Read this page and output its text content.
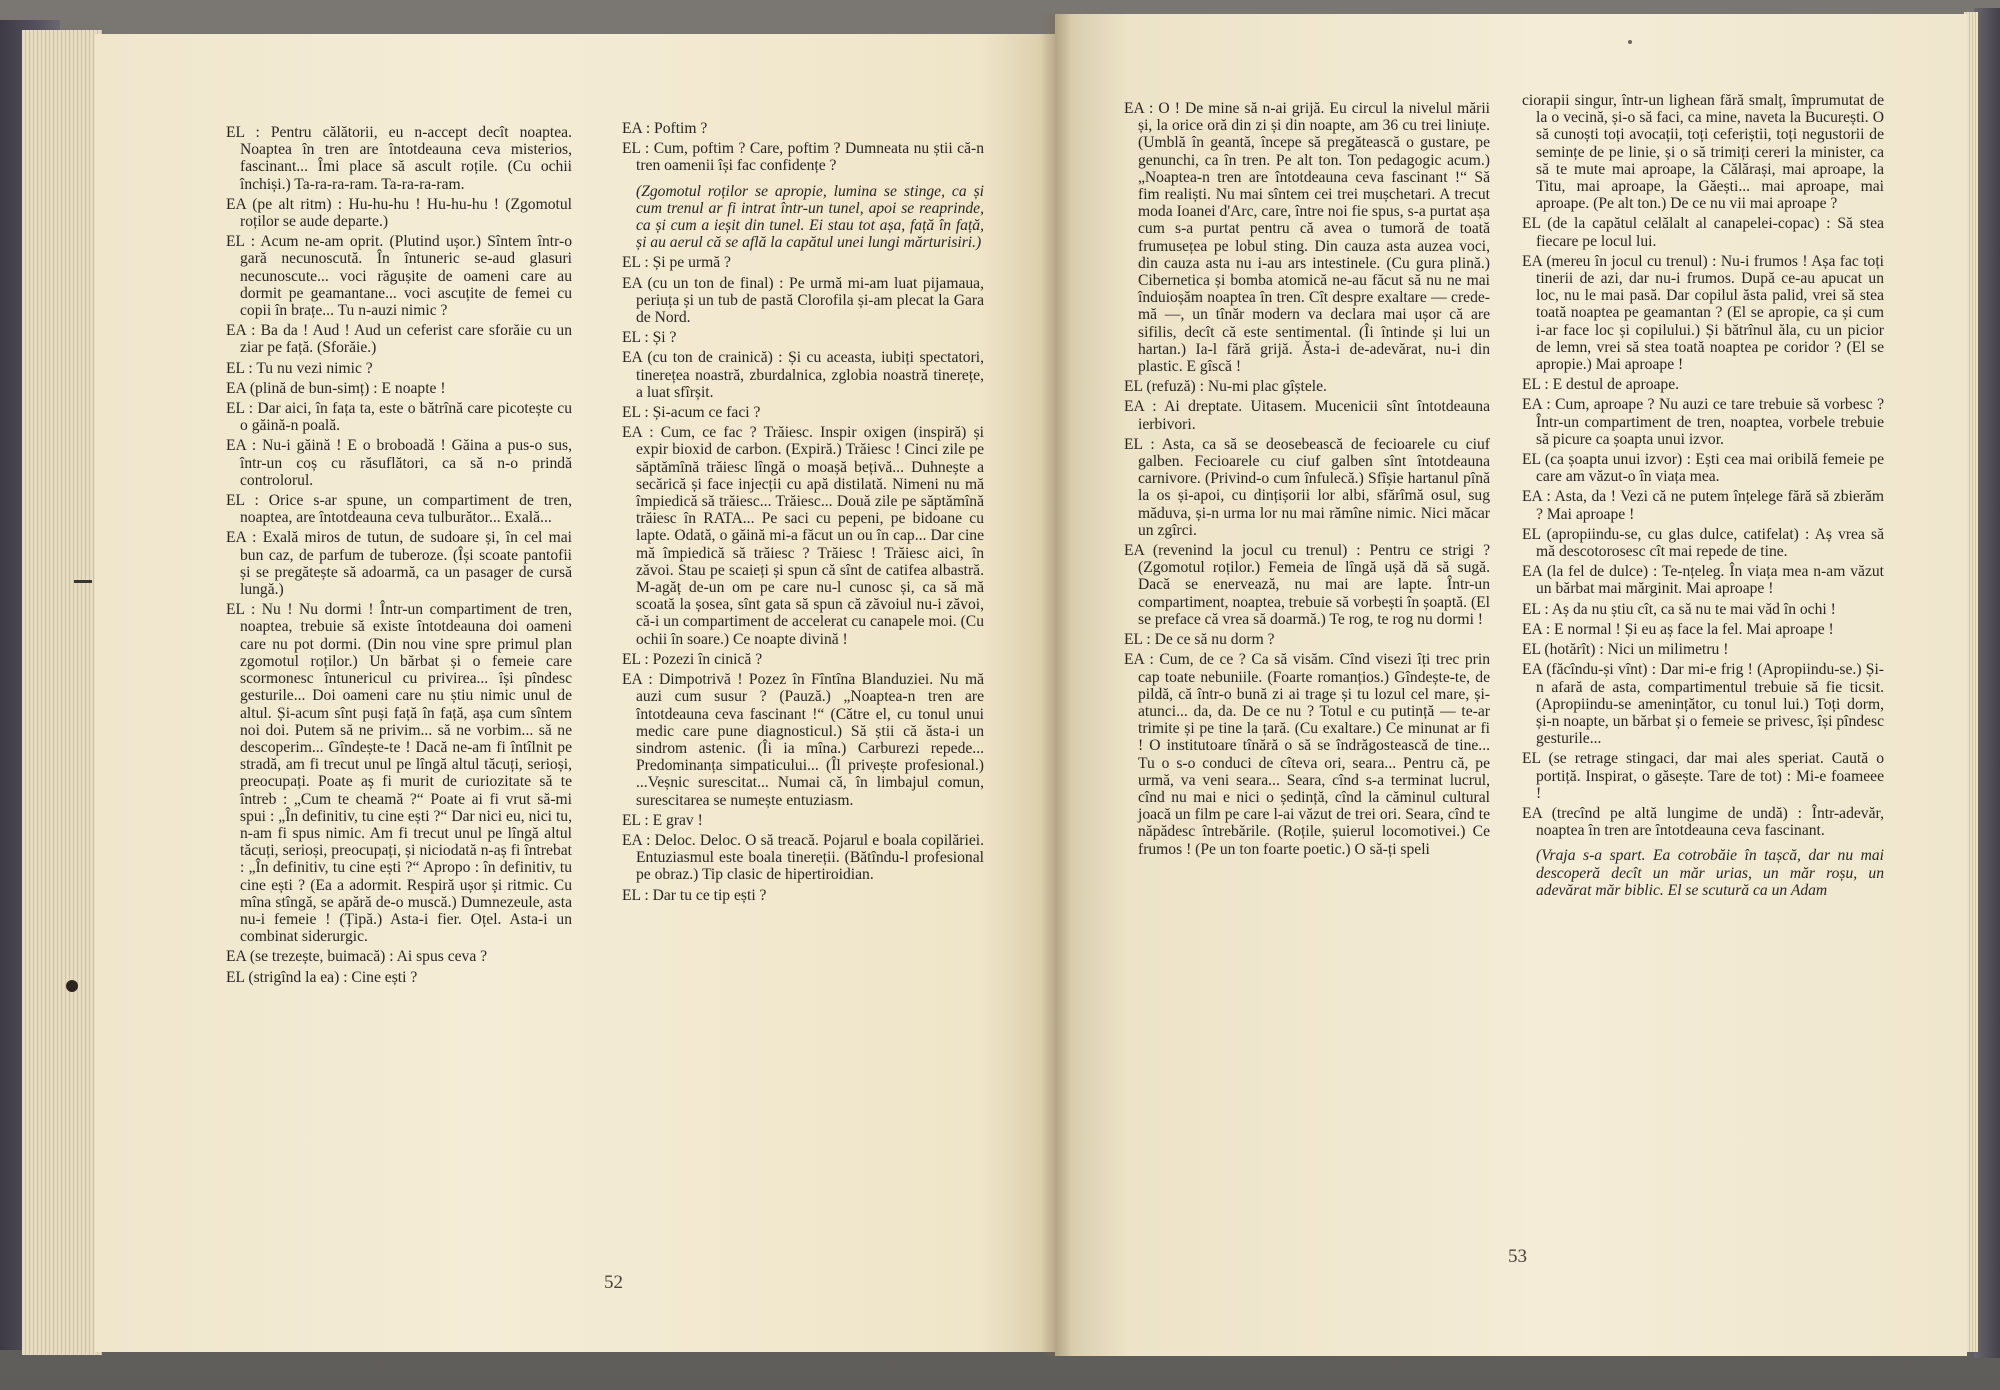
EL : Pentru călătorii, eu n-accept decît noaptea. Noaptea în tren are întotdeauna ceva misterios, fascinant... Îmi place să ascult roțile. (Cu ochii închiși.) Ta-ra-ra-ram. Ta-ra-ra-ram.

EA (pe alt ritm) : Hu-hu-hu ! Hu-hu-hu ! (Zgomotul roților se aude departe.)

EL : Acum ne-am oprit. (Plutind ușor.) Sîntem într-o gară necunoscută. În întuneric se-aud glasuri necunoscute... voci răgușite de oameni care au dormit pe geamantane... voci ascuțite de femei cu copii în brațe... Tu n-auzi nimic ?

EA : Ba da ! Aud ! Aud un ceferist care sforăie cu un ziar pe față. (Sforăie.)

EL : Tu nu vezi nimic ?

EA (plină de bun-simț) : E noapte !

EL : Dar aici, în fața ta, este o bătrînă care picotește cu o găină-n poală.

EA : Nu-i găină ! E o broboadă ! Găina a pus-o sus, într-un coș cu răsuflători, ca să n-o prindă controlorul.

EL : Orice s-ar spune, un compartiment de tren, noaptea, are întotdeauna ceva tulburător... Exală...

EA : Exală miros de tutun, de sudoare și, în cel mai bun caz, de parfum de tuberoze. (Își scoate pantofii și se pregătește să adoarmă, ca un pasager de cursă lungă.)

EL : Nu ! Nu dormi ! Într-un compartiment de tren, noaptea, trebuie să existe întotdeauna doi oameni care nu pot dormi. (Din nou vine spre primul plan zgomotul roților.) Un bărbat și o femeie care scormonesc întunericul cu privirea... își pîndesc gesturile... Doi oameni care nu știu nimic unul de altul. Și-acum sînt puși față în față, așa cum sîntem noi doi. Putem să ne privim... să ne vorbim... să ne descoperim... Gîndește-te ! Dacă ne-am fi întîlnit pe stradă, am fi trecut unul pe lîngă altul tăcuți, serioși, preocupați. Poate aș fi murit de curiozitate să te întreb : „Cum te cheamă ?“ Poate ai fi vrut să-mi spui : „În definitiv, tu cine ești ?“ Dar nici eu, nici tu, n-am fi spus nimic. Am fi trecut unul pe lîngă altul tăcuți, serioși, preocupați, și niciodată n-aș fi întrebat : „În definitiv, tu cine ești ?“ Apropo : în definitiv, tu cine ești ? (Ea a adormit. Respiră ușor și ritmic. Cu mîna stîngă, se apără de-o muscă.) Dumnezeule, asta nu-i femeie ! (Țipă.) Asta-i fier. Oțel. Asta-i un combinat siderurgic.

EA (se trezește, buimacă) : Ai spus ceva ?

EL (strigînd la ea) : Cine ești ?

EA : Poftim ?

EL : Cum, poftim ? Care, poftim ? Dumneata nu știi că-n tren oamenii își fac confidențe ?

(Zgomotul roților se apropie, lumina se stinge, ca și cum trenul ar fi intrat într-un tunel, apoi se reaprinde, ca și cum a ieșit din tunel. Ei stau tot așa, față în față, și au aerul că se află la capătul unei lungi mărturisiri.)

EL : Și pe urmă ?

EA (cu un ton de final) : Pe urmă mi-am luat pijamaua, periuța și un tub de pastă Clorofila și-am plecat la Gara de Nord.

EL : Și ?

EA (cu ton de crainică) : Și cu aceasta, iubiți spectatori, tinerețea noastră, zburdalnica, zglobia noastră tinerețe, a luat sfîrșit.

EL : Și-acum ce faci ?

EA : Cum, ce fac ? Trăiesc. Inspir oxigen (inspiră) și expir bioxid de carbon. (Expiră.) Trăiesc ! Cinci zile pe săptămînă trăiesc lîngă o moașă bețivă... Duhnește a secărică și face injecții cu apă distilată. Nimeni nu mă împiedică să trăiesc... Trăiesc... Două zile pe săptămînă trăiesc în RATA... Pe saci cu pepeni, pe bidoane cu lapte. Odată, o găină mi-a făcut un ou în cap... Dar cine mă împiedică să trăiesc ? Trăiesc ! Trăiesc aici, în zăvoi. Stau pe scaieți și spun că sînt de catifea albastră. M-agăț de-un om pe care nu-l cunosc și, ca să mă scoată la șosea, sînt gata să spun că zăvoiul nu-i zăvoi, că-i un compartiment de accelerat cu canapele moi. (Cu ochii în soare.) Ce noapte divină !

EL : Pozezi în cinică ?

EA : Dimpotrivă ! Pozez în Fîntîna Blanduziei. Nu mă auzi cum susur ? (Pauză.) „Noaptea-n tren are întotdeauna ceva fascinant !“ (Către el, cu tonul unui medic care pune diagnosticul.) Să știi că ăsta-i un sindrom astenic. (Îi ia mîna.) Carburezi repede... Predominanța simpaticului... (Îl privește profesional.) ...Veșnic surescitat... Numai că, în limbajul comun, surescitarea se numește entuziasm.

EL : E grav !

EA : Deloc. Deloc. O să treacă. Pojarul e boala copilăriei. Entuziasmul este boala tinereții. (Bătîndu-l profesional pe obraz.) Tip clasic de hipertiroidian.

EL : Dar tu ce tip ești ?

52

EA : O ! De mine să n-ai grijă. Eu circul la nivelul mării și, la orice oră din zi și din noapte, am 36 cu trei liniuțe. (Umblă în geantă, începe să pregătească o gustare, pe genunchi, ca în tren. Pe alt ton. Ton pedagogic acum.) „Noaptea-n tren are întotdeauna ceva fascinant !“ Să fim realiști. Nu mai sîntem cei trei mușchetari. A trecut moda Ioanei d'Arc, care, între noi fie spus, s-a purtat așa cum s-a purtat pentru că avea o tumoră de toată frumusețea pe lobul sting. Din cauza asta auzea voci, din cauza asta nu i-au ars intestinele. (Cu gura plină.) Cibernetica și bomba atomică ne-au făcut să nu ne mai înduioșăm noaptea în tren. Cît despre exaltare — crede-mă —, un tînăr modern va declara mai ușor că are sifilis, decît că este sentimental. (Îi întinde și lui un hartan.) Ia-l fără grijă. Ăsta-i de-adevărat, nu-i din plastic. E gîscă !

EL (refuză) : Nu-mi plac gîștele.

EA : Ai dreptate. Uitasem. Mucenicii sînt întotdeauna ierbivori.

EL : Asta, ca să se deosebească de fecioarele cu ciuf galben. Fecioarele cu ciuf galben sînt întotdeauna carnivore. (Privind-o cum înfulecă.) Sfîșie hartanul pînă la os și-apoi, cu dințișorii lor albi, sfărîmă osul, sug măduva, și-n urma lor nu mai rămîne nimic. Nici măcar un zgîrci.

EA (revenind la jocul cu trenul) : Pentru ce strigi ? (Zgomotul roților.) Femeia de lîngă ușă dă să sugă. Dacă se enervează, nu mai are lapte. Într-un compartiment, noaptea, trebuie să vorbești în șoaptă. (El se preface că vrea să doarmă.) Te rog, te rog nu dormi !

EL : De ce să nu dorm ?

EA : Cum, de ce ? Ca să visăm. Cînd visezi îți trec prin cap toate nebuniile. (Foarte romanțios.) Gîndește-te, de pildă, că într-o bună zi ai trage și tu lozul cel mare, și-atunci... da, da. De ce nu ? Totul e cu putință — te-ar trimite și pe tine la țară. (Cu exaltare.) Ce minunat ar fi ! O institutoare tînără o să se îndrăgostească de tine... Tu o s-o conduci de cîteva ori, seara... Pentru că, pe urmă, va veni seara... Seara, cînd s-a terminat lucrul, cînd nu mai e nici o ședință, cînd la căminul cultural joacă un film pe care l-ai văzut de trei ori. Seara, cînd te năpădesc întrebările. (Roțile, șuierul locomotivei.) Ce frumos ! (Pe un ton foarte poetic.) O să-ți speli

ciorapii singur, într-un lighean fără smalț, împrumutat de la o vecină, și-o să faci, ca mine, naveta la București. O să cunoști toți avocații, toți ceferiștii, toți negustorii de semințe de pe linie, și o să trimiți cereri la minister, ca să te mute mai aproape, la Călărași, mai aproape, la Titu, mai aproape, la Găești... mai aproape, mai aproape. (Pe alt ton.) De ce nu vii mai aproape ?

EL (de la capătul celălalt al canapelei-copac) : Să stea fiecare pe locul lui.

EA (mereu în jocul cu trenul) : Nu-i frumos ! Așa fac toți tinerii de azi, dar nu-i frumos. După ce-au apucat un loc, nu le mai pasă. Dar copilul ăsta palid, vrei să stea toată noaptea pe geamantan ? (El se apropie, ca și cum i-ar face loc și copilului.) Și bătrînul ăla, cu un picior de lemn, vrei să stea toată noaptea pe coridor ? (El se apropie.) Mai aproape !

EL : E destul de aproape.

EA : Cum, aproape ? Nu auzi ce tare trebuie să vorbesc ? Într-un compartiment de tren, noaptea, vorbele trebuie să picure ca șoapta unui izvor.

EL (ca șoapta unui izvor) : Ești cea mai oribilă femeie pe care am văzut-o în viața mea.

EA : Asta, da ! Vezi că ne putem înțelege fără să zbierăm ? Mai aproape !

EL (apropiindu-se, cu glas dulce, catifelat) : Aș vrea să mă descotorosesc cît mai repede de tine.

EA (la fel de dulce) : Te-nțeleg. În viața mea n-am văzut un bărbat mai mărginit. Mai aproape !

EL : Aș da nu știu cît, ca să nu te mai văd în ochi !

EA : E normal ! Și eu aș face la fel. Mai aproape !

EL (hotărît) : Nici un milimetru !

EA (făcîndu-și vînt) : Dar mi-e frig ! (Apropiindu-se.) Și-n afară de asta, compartimentul trebuie să fie ticsit. (Apropiindu-se amenințător, cu tonul lui.) Toți dorm, și-n noapte, un bărbat și o femeie se privesc, își pîndesc gesturile...

EL (se retrage stingaci, dar mai ales speriat. Caută o portiță. Inspirat, o găsește. Tare de tot) : Mi-e foameee !

EA (trecînd pe altă lungime de undă) : Într-adevăr, noaptea în tren are întotdeauna ceva fascinant.

(Vraja s-a spart. Ea cotrobăie în tașcă, dar nu mai descoperă decît un măr urias, un măr roșu, un adevărat măr biblic. El se scutură ca un Adam

53
